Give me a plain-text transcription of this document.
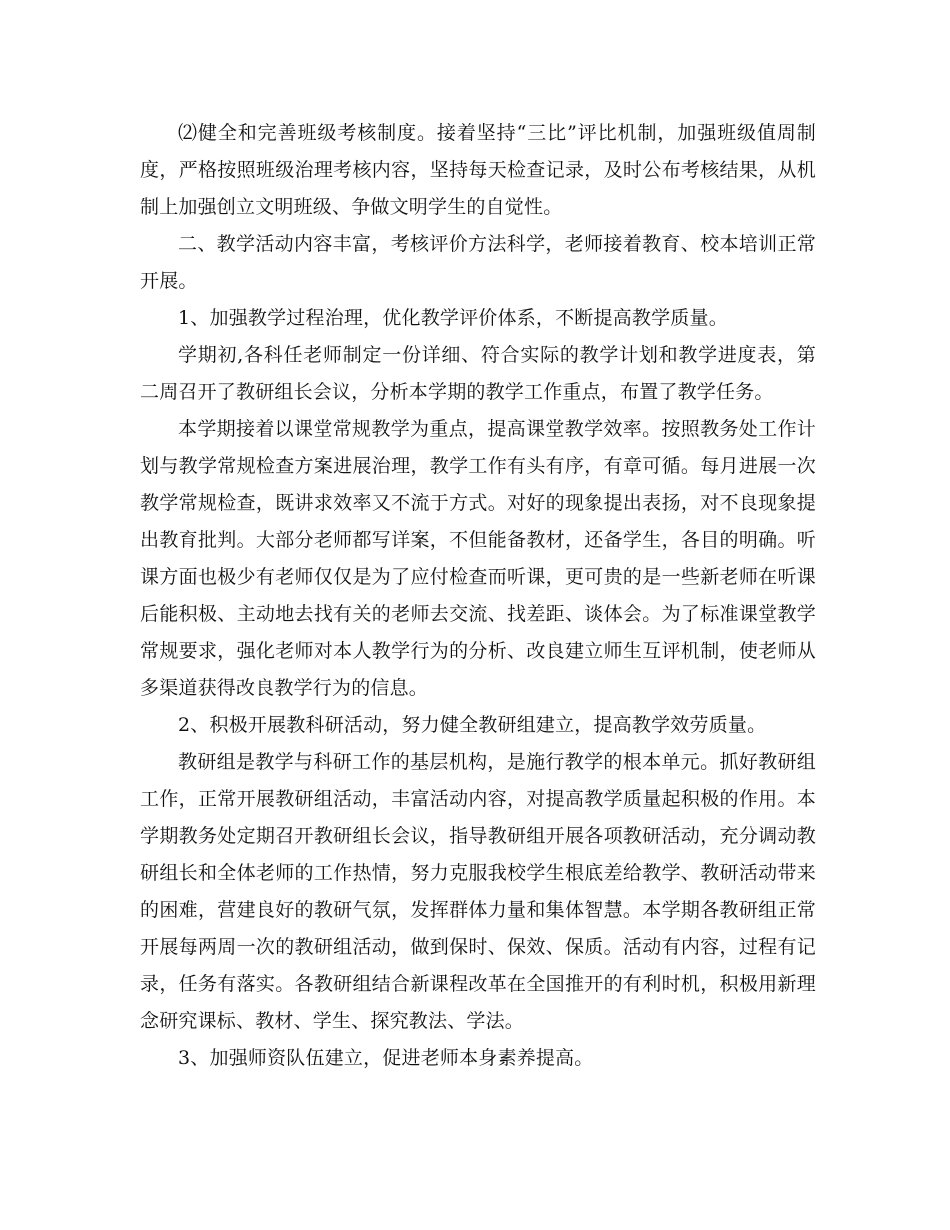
⑵健全和完善班级考核制度。接着坚持“三比”评比机制，加强班级值周制度，严格按照班级治理考核内容，坚持每天检查记录，及时公布考核结果，从机制上加强创立文明班级、争做文明学生的自觉性。

二、教学活动内容丰富，考核评价方法科学，老师接着教育、校本培训正常开展。

1、加强教学过程治理，优化教学评价体系，不断提高教学质量。

学期初,各科任老师制定一份详细、符合实际的教学计划和教学进度表，第二周召开了教研组长会议，分析本学期的教学工作重点，布置了教学任务。

本学期接着以课堂常规教学为重点，提高课堂教学效率。按照教务处工作计划与教学常规检查方案进展治理，教学工作有头有序，有章可循。每月进展一次教学常规检查，既讲求效率又不流于方式。对好的现象提出表扬，对不良现象提出教育批判。大部分老师都写详案，不但能备教材，还备学生，各目的明确。听课方面也极少有老师仅仅是为了应付检查而听课，更可贵的是一些新老师在听课后能积极、主动地去找有关的老师去交流、找差距、谈体会。为了标准课堂教学常规要求，强化老师对本人教学行为的分析、改良建立师生互评机制，使老师从多渠道获得改良教学行为的信息。

2、积极开展教科研活动，努力健全教研组建立，提高教学效劳质量。

教研组是教学与科研工作的基层机构，是施行教学的根本单元。抓好教研组工作，正常开展教研组活动，丰富活动内容，对提高教学质量起积极的作用。本学期教务处定期召开教研组长会议，指导教研组开展各项教研活动，充分调动教研组长和全体老师的工作热情，努力克服我校学生根底差给教学、教研活动带来的困难，营建良好的教研气氛，发挥群体力量和集体智慧。本学期各教研组正常开展每两周一次的教研组活动，做到保时、保效、保质。活动有内容，过程有记录，任务有落实。各教研组结合新课程改革在全国推开的有利时机，积极用新理念研究课标、教材、学生、探究教法、学法。

3、加强师资队伍建立，促进老师本身素养提高。
